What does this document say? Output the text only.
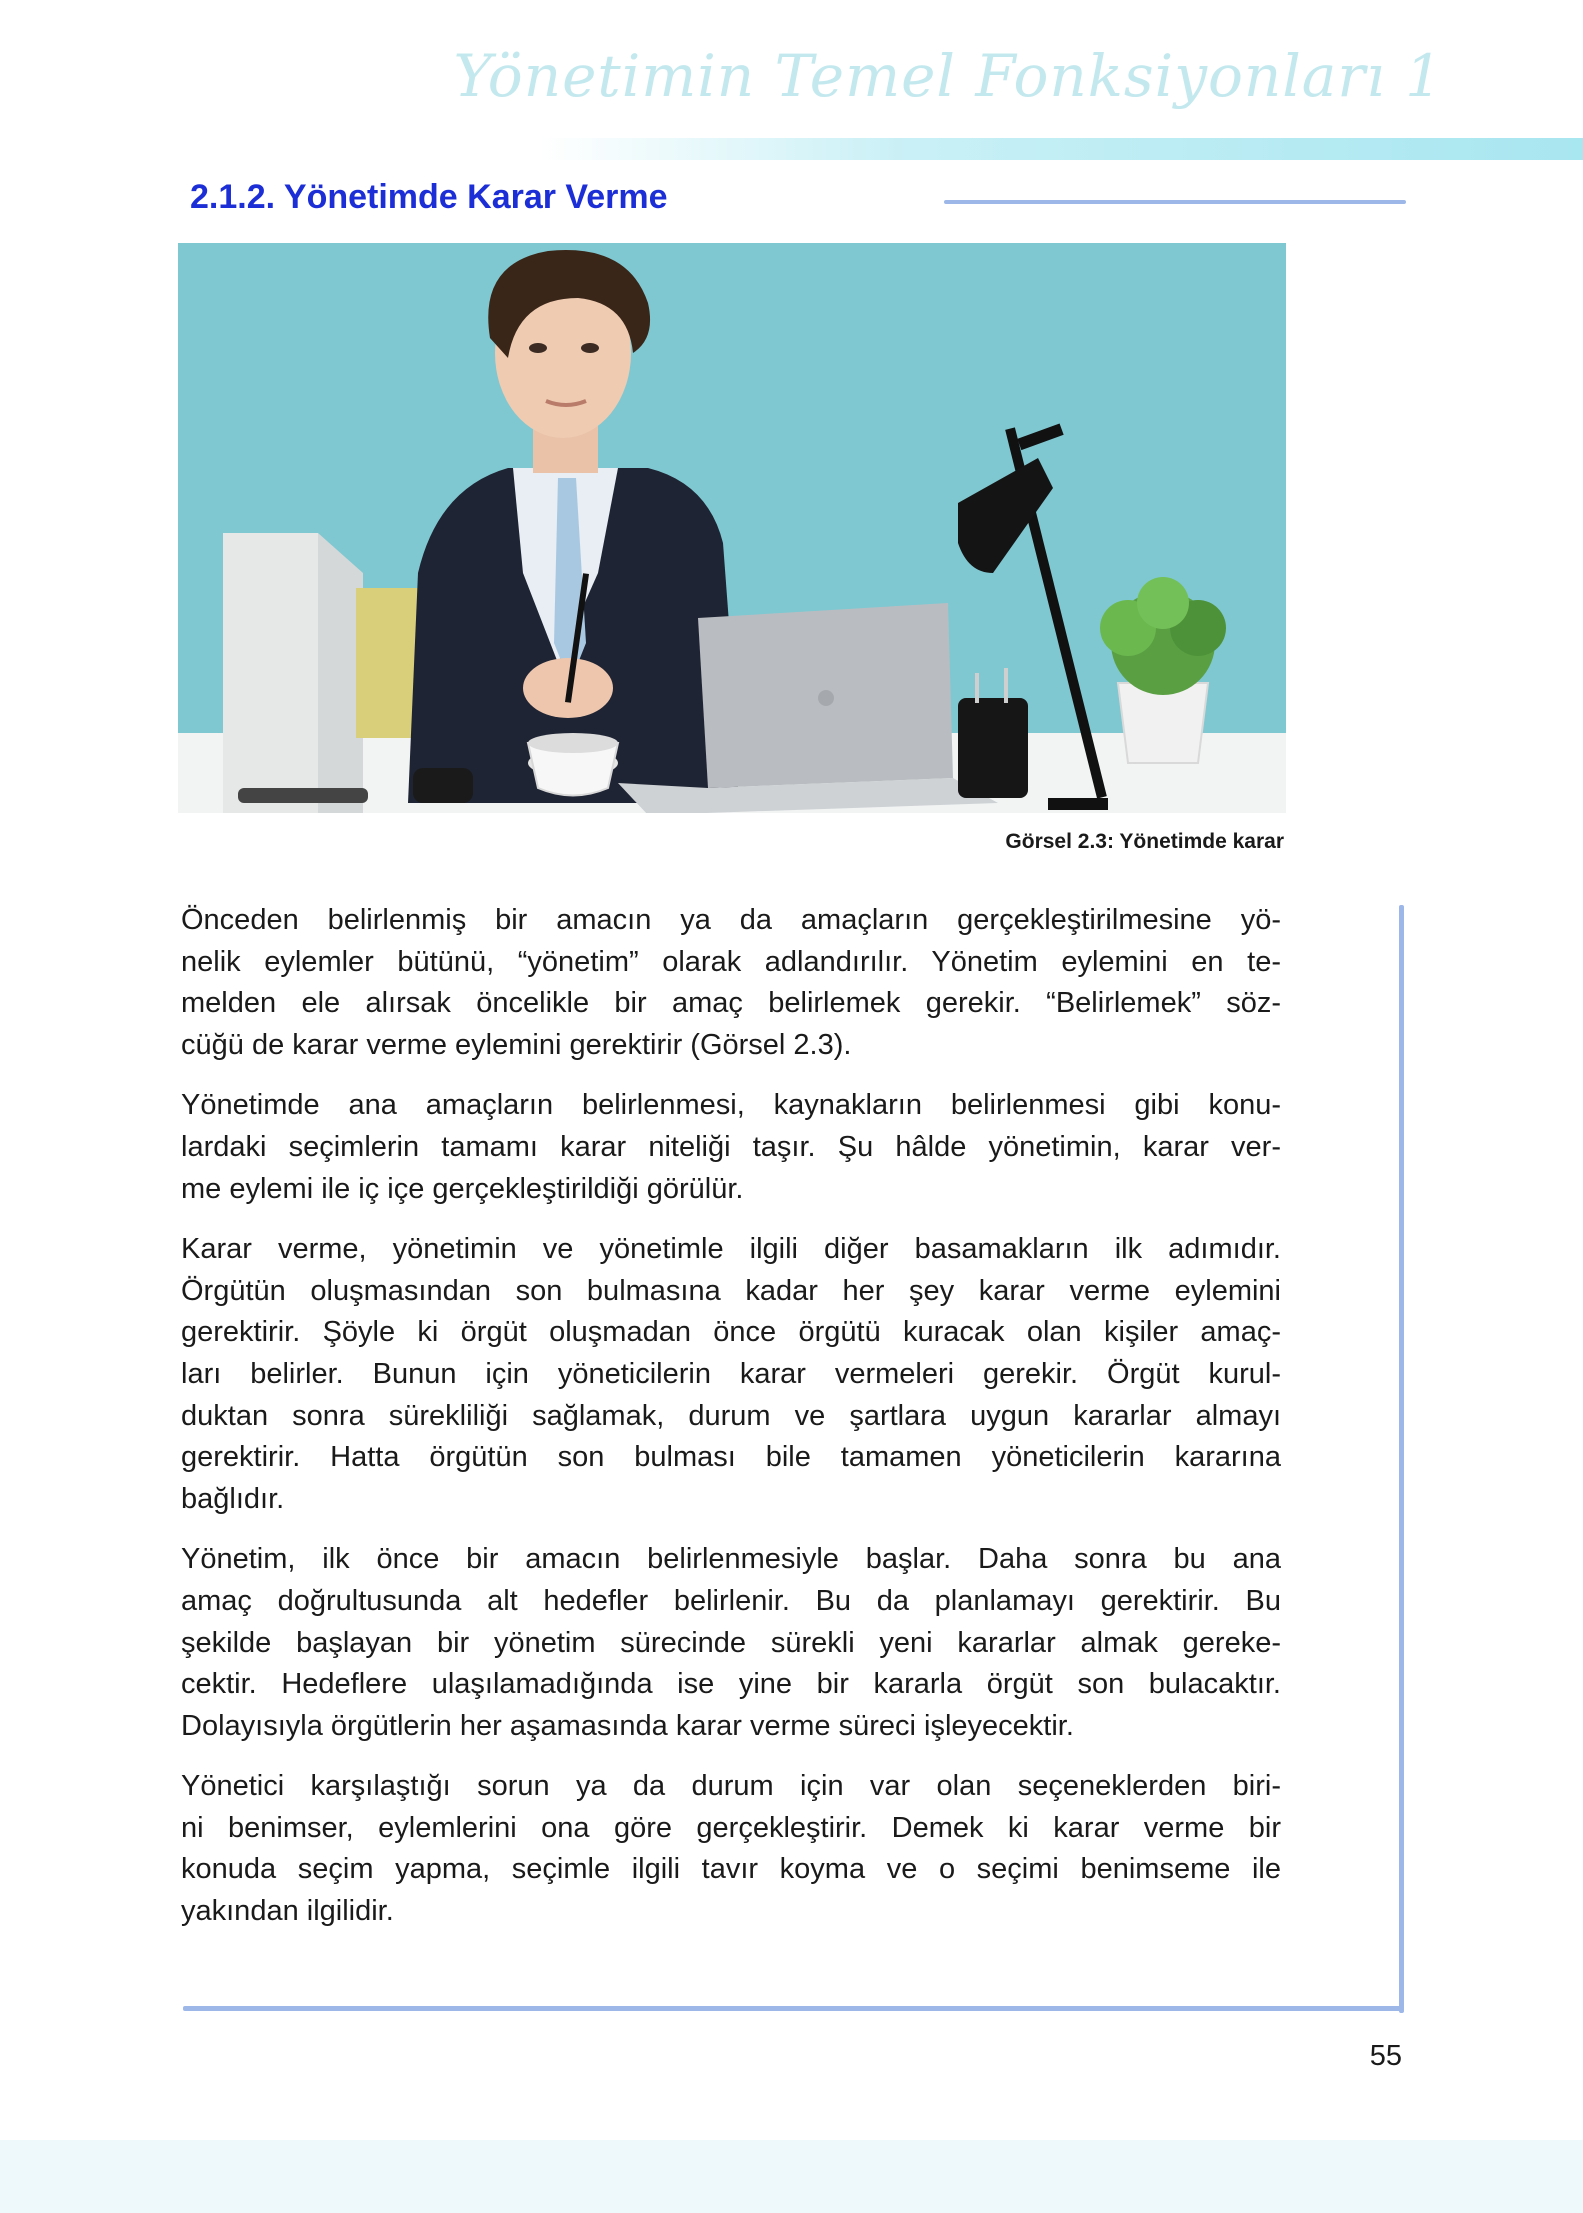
Yönetimin Temel Fonksiyonları 1
2.1.2. Yönetimde Karar Verme
Görsel 2.3: Yönetimde karar

Önceden belirlenmiş bir amacın ya da amaçların gerçekleştirilmesine yö-
nelik eylemler bütünü, “yönetim” olarak adlandırılır. Yönetim eylemini en te-
melden ele alırsak öncelikle bir amaç belirlemek gerekir. “Belirlemek” söz-
cüğü de karar verme eylemini gerektirir (Görsel 2.3).

Yönetimde ana amaçların belirlenmesi, kaynakların belirlenmesi gibi konu-
lardaki seçimlerin tamamı karar niteliği taşır. Şu hâlde yönetimin, karar ver-
me eylemi ile iç içe gerçekleştirildiği görülür.

Karar verme, yönetimin ve yönetimle ilgili diğer basamakların ilk adımıdır.
Örgütün oluşmasından son bulmasına kadar her şey karar verme eylemini
gerektirir. Şöyle ki örgüt oluşmadan önce örgütü kuracak olan kişiler amaç-
ları belirler. Bunun için yöneticilerin karar vermeleri gerekir. Örgüt kurul-
duktan sonra sürekliliği sağlamak, durum ve şartlara uygun kararlar almayı
gerektirir. Hatta örgütün son bulması bile tamamen yöneticilerin kararına
bağlıdır.

Yönetim, ilk önce bir amacın belirlenmesiyle başlar. Daha sonra bu ana
amaç doğrultusunda alt hedefler belirlenir. Bu da planlamayı gerektirir. Bu
şekilde başlayan bir yönetim sürecinde sürekli yeni kararlar almak gereke-
cektir. Hedeflere ulaşılamadığında ise yine bir kararla örgüt son bulacaktır.
Dolayısıyla örgütlerin her aşamasında karar verme süreci işleyecektir.

Yönetici karşılaştığı sorun ya da durum için var olan seçeneklerden biri-
ni benimser, eylemlerini ona göre gerçekleştirir. Demek ki karar verme bir
konuda seçim yapma, seçimle ilgili tavır koyma ve o seçimi benimseme ile
yakından ilgilidir.

55
